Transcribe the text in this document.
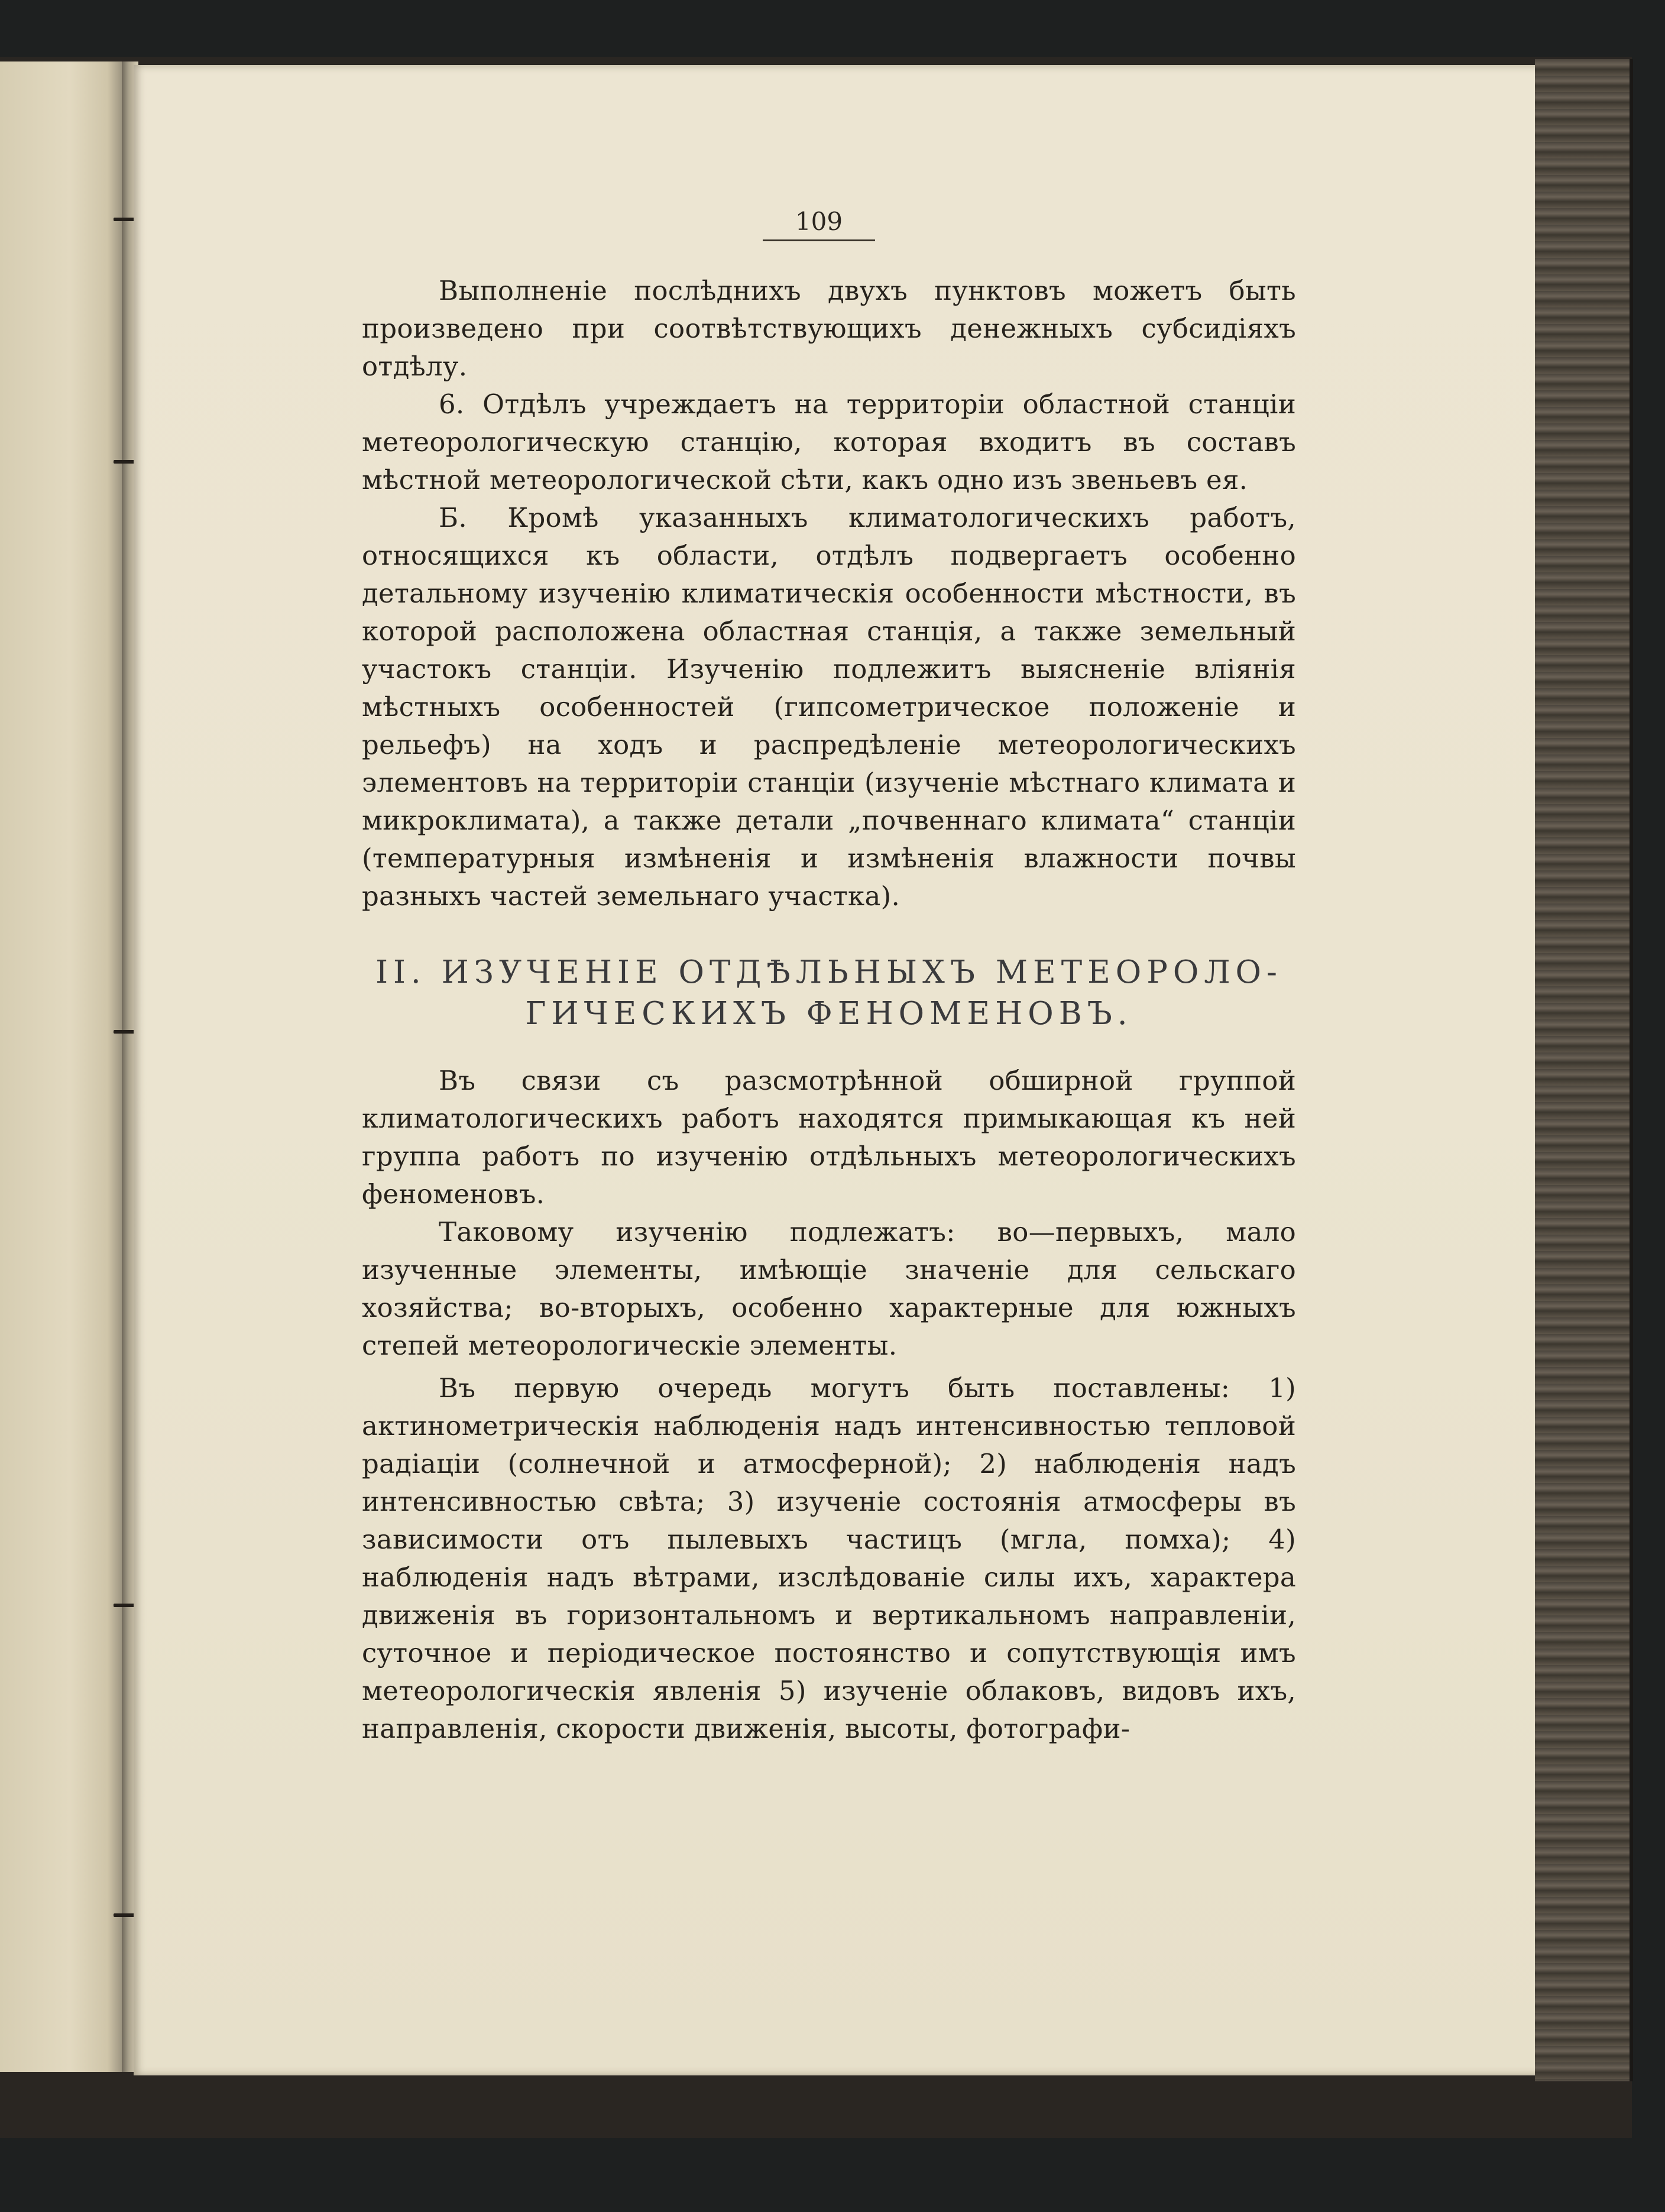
109

Выполненіе послѣднихъ двухъ пунктовъ можетъ быть произведено при соотвѣтствующихъ денежныхъ субсидіяхъ отдѣлу.

6. Отдѣлъ учреждаетъ на территоріи областной станціи метеорологическую станцію, которая входитъ въ составъ мѣстной метеорологической сѣти, какъ одно изъ звеньевъ ея.

Б. Кромѣ указанныхъ климатологическихъ работъ, относящихся къ области, отдѣлъ подвергаетъ особенно детальному изученію климатическія особенности мѣстности, въ которой расположена областная станція, а также земельный участокъ станціи. Изученію подлежитъ выясненіе вліянія мѣстныхъ особенностей (гипсометрическое положеніе и рельефъ) на ходъ и распредѣленіе метеорологическихъ элементовъ на территоріи станціи (изученіе мѣстнаго климата и микроклимата), а также детали „почвеннаго климата“ станціи (температурныя измѣненія и измѣненія влажности почвы разныхъ частей земельнаго участка).

II. ИЗУЧЕНІЕ ОТДѢЛЬНЫХЪ МЕТЕОРОЛО-
ГИЧЕСКИХЪ ФЕНОМЕНОВЪ.

Въ связи съ разсмотрѣнной обширной группой климатологическихъ работъ находятся примыкающая къ ней группа работъ по изученію отдѣльныхъ метеорологическихъ феноменовъ.

Таковому изученію подлежатъ: во—первыхъ, мало изученные элементы, имѣющіе значеніе для сельскаго хозяйства; во-вторыхъ, особенно характерные для южныхъ степей метеорологическіе элементы.

Въ первую очередь могутъ быть поставлены: 1) актинометрическія наблюденія надъ интенсивностью тепловой радіаціи (солнечной и атмосферной); 2) наблюденія надъ интенсивностью свѣта; 3) изученіе состоянія атмосферы въ зависимости отъ пылевыхъ частицъ (мгла, помха); 4) наблюденія надъ вѣтрами, изслѣдованіе силы ихъ, характера движенія въ горизонтальномъ и вертикальномъ направленіи, суточное и періодическое постоянство и сопутствующія имъ метеорологическія явленія 5) изученіе облаковъ, видовъ ихъ, направленія, скорости движенія, высоты, фотографи-
